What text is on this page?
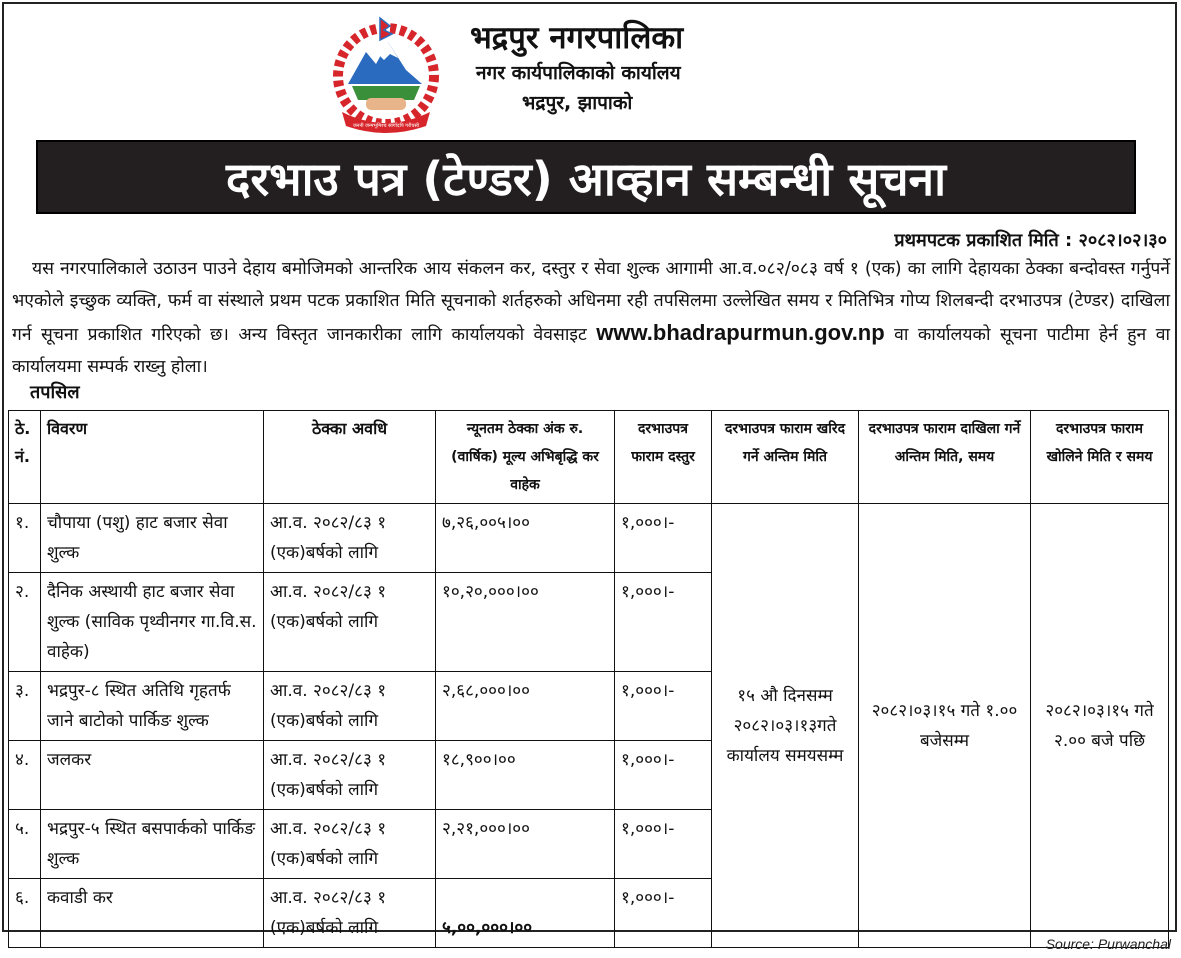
जननी जन्मभूमिश्च स्वर्गादपि गरीयसी
भद्रपुर नगरपालिका
नगर कार्यपालिकाको कार्यालय
भद्रपुर, झापाको
दरभाउ पत्र (टेण्डर) आव्हान सम्बन्धी सूचना
प्रथमपटक प्रकाशित मिति : २०८२।०२।३०

यस नगरपालिकाले उठाउन पाउने देहाय बमोजिमको आन्तरिक आय संकलन कर, दस्तुर र सेवा शुल्क आगामी आ.व.०८२/०८३ वर्ष १ (एक) का लागि देहायका ठेक्का बन्दोवस्त गर्नुपर्ने भएकोले इच्छुक व्यक्ति, फर्म वा संस्थाले प्रथम पटक प्रकाशित मिति सूचनाको शर्तहरुको अधिनमा रही तपसिलमा उल्लेखित समय र मितिभित्र गोप्य शिलबन्दी दरभाउपत्र (टेण्डर) दाखिला गर्न सूचना प्रकाशित गरिएको छ। अन्य विस्तृत जानकारीका लागि कार्यालयको वेवसाइट www.bhadrapurmun.gov.np वा कार्यालयको सूचना पाटीमा हेर्न हुन वा कार्यालयमा सम्पर्क राख्नु होला।

तपसिल
ठे. नं.	विवरण	ठेक्का अवधि	न्यूनतम ठेक्का अंक रु. (वार्षिक) मूल्य अभिबृद्धि कर वाहेक	दरभाउपत्र फाराम दस्तुर	दरभाउपत्र फाराम खरिद गर्ने अन्तिम मिति	दरभाउपत्र फाराम दाखिला गर्ने अन्तिम मिति, समय	दरभाउपत्र फाराम खोलिने मिति र समय
१.	चौपाया (पशु) हाट बजार सेवा शुल्क	आ.व. २०८२/८३ १ (एक)बर्षको लागि	७,२६,००५।००	१,०००।-	१५ औ दिनसम्म २०८२।०३।१३गते कार्यालय समयसम्म	२०८२।०३।१५ गते १.०० बजेसम्म	२०८२।०३।१५ गते २.०० बजे पछि
२.	दैनिक अस्थायी हाट बजार सेवा शुल्क (साविक पृथ्वीनगर गा.वि.स. वाहेक)	आ.व. २०८२/८३ १ (एक)बर्षको लागि	१०,२०,०००।००	१,०००।-			
३.	भद्रपुर-८ स्थित अतिथि गृहतर्फ जाने बाटोको पार्किङ शुल्क	आ.व. २०८२/८३ १ (एक)बर्षको लागि	२,६८,०००।००	१,०००।-			
४.	जलकर	आ.व. २०८२/८३ १ (एक)बर्षको लागि	१८,९००।००	१,०००।-			
५.	भद्रपुर-५ स्थित बसपार्कको पार्किङ शुल्क	आ.व. २०८२/८३ १ (एक)बर्षको लागि	२,२१,०००।००	१,०००।-			
६.	कवाडी कर	आ.व. २०८२/८३ १ (एक)बर्षको लागि	५,००,०००।००	१,०००।-			
Source: Purwanchal
